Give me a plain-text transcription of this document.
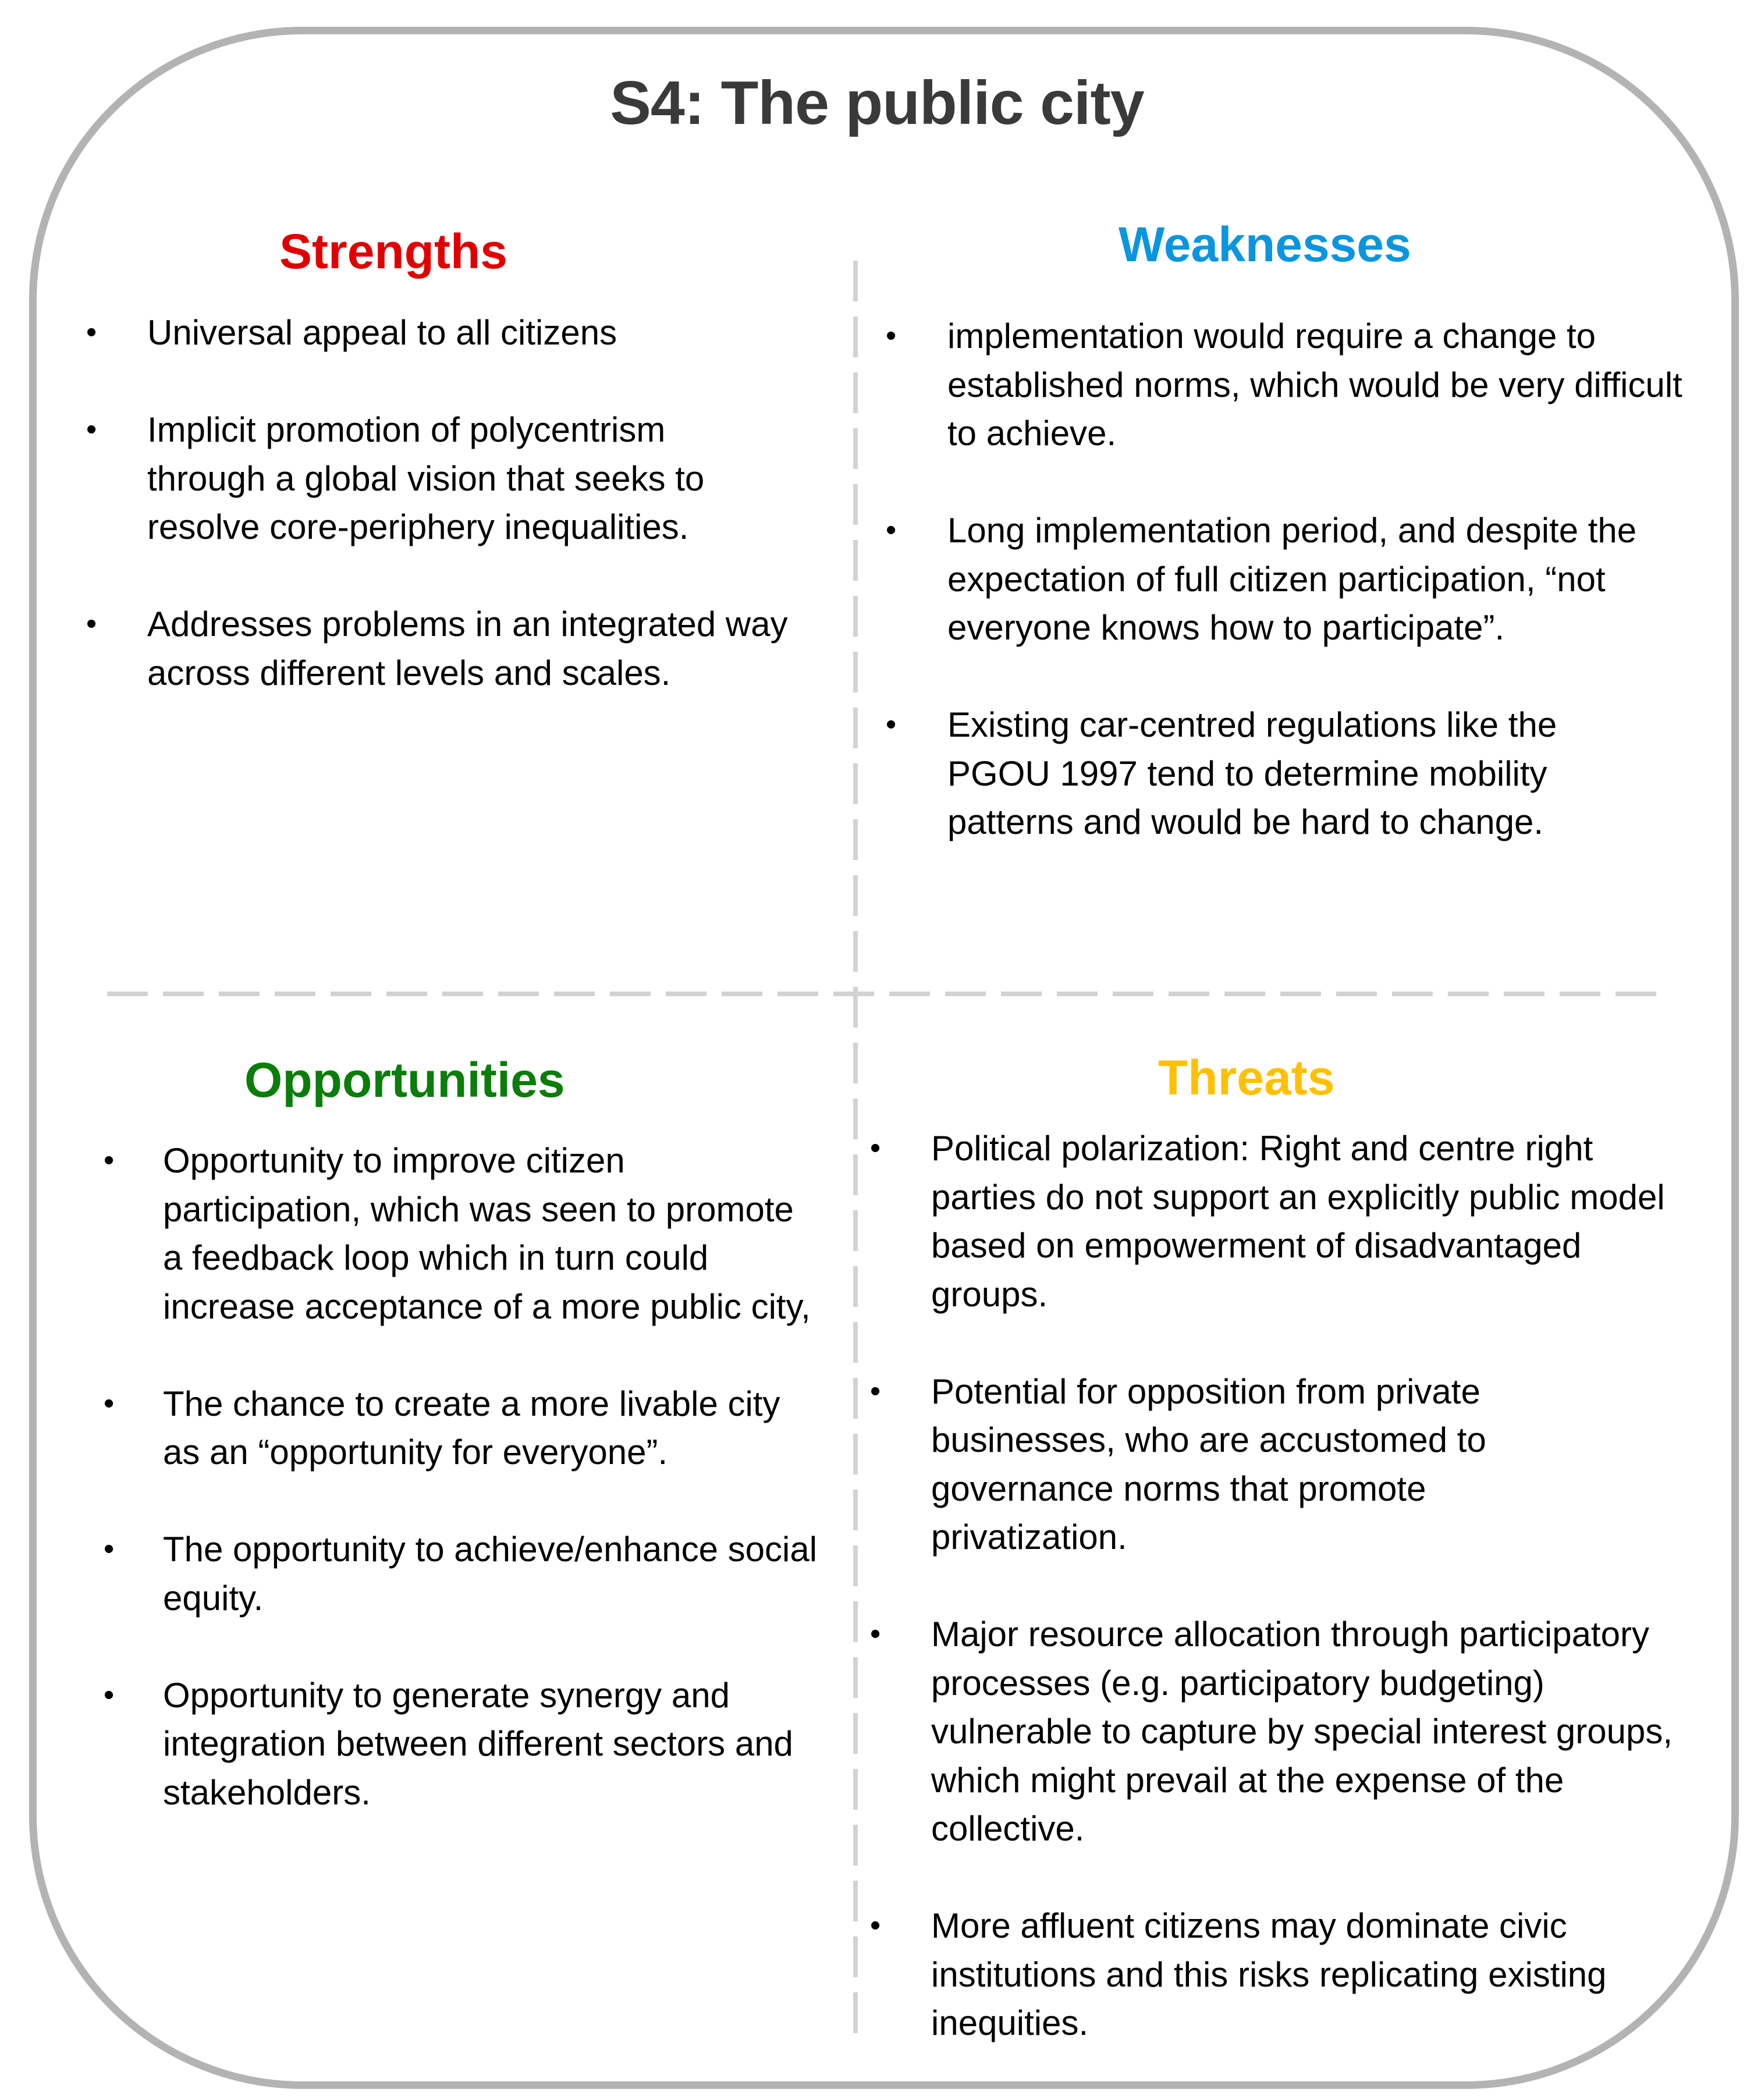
S4: The public city
Strengths
• Universal appeal to all citizens
• Implicit promotion of polycentrism through a global vision that seeks to resolve core-periphery inequalities.
• Addresses problems in an integrated way across different levels and scales.
Weaknesses
• implementation would require a change to established norms, which would be very difficult to achieve.
• Long implementation period, and despite the expectation of full citizen participation, “not everyone knows how to participate”.
• Existing car-centred regulations like the PGOU 1997 tend to determine mobility patterns and would be hard to change.
Opportunities
• Opportunity to improve citizen participation, which was seen to promote a feedback loop which in turn could increase acceptance of a more public city,
• The chance to create a more livable city as an “opportunity for everyone”.
• The opportunity to achieve/enhance social equity.
• Opportunity to generate synergy and integration between different sectors and stakeholders.
Threats
• Political polarization: Right and centre right parties do not support an explicitly public model based on empowerment of disadvantaged groups.
• Potential for opposition from private businesses, who are accustomed to governance norms that promote privatization.
• Major resource allocation through participatory processes (e.g. participatory budgeting) vulnerable to capture by special interest groups, which might prevail at the expense of the collective.
• More affluent citizens may dominate civic institutions and this risks replicating existing inequities.
